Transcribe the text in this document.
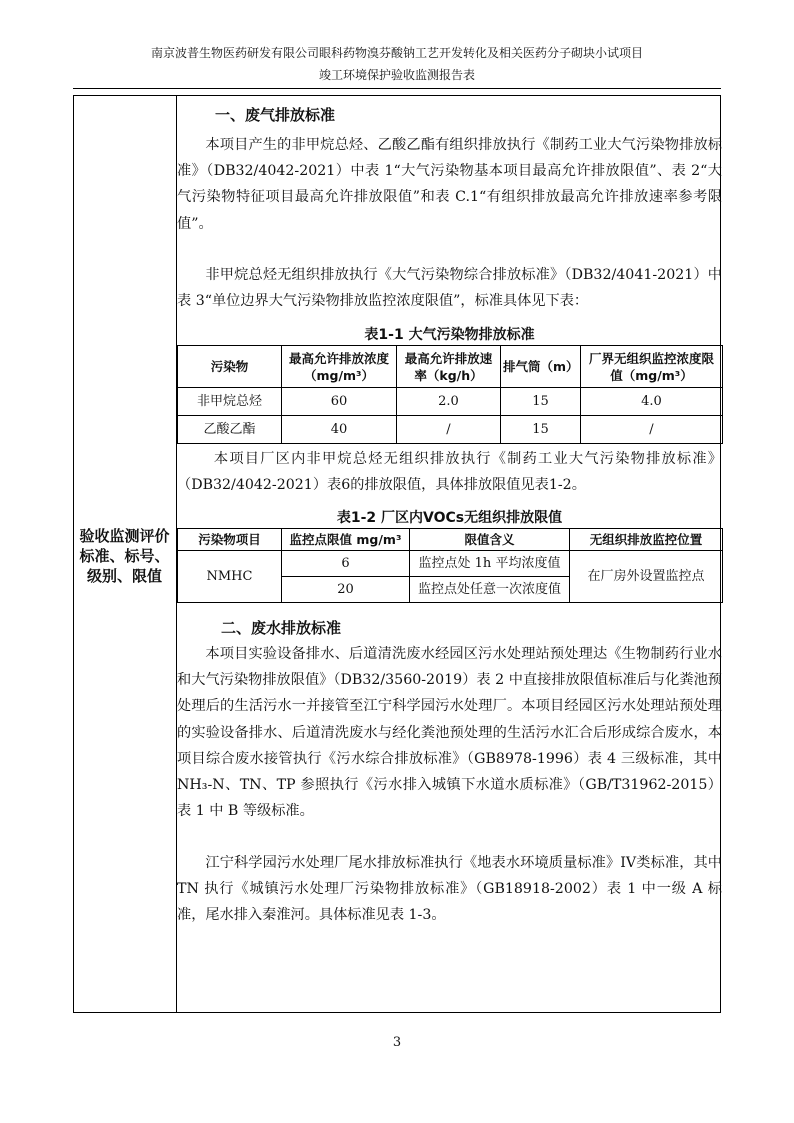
南京波普生物医药研发有限公司眼科药物溴芬酸钠工艺开发转化及相关医药分子砌块小试项目
竣工环境保护验收监测报告表
验收监测评价
标准、标号、
级别、限值
一、废气排放标准

本项目产生的非甲烷总烃、乙酸乙酯有组织排放执行《制药工业大气污染物排放标准》（DB32/4042-2021）中表 1“大气污染物基本项目最高允许排放限值”、表 2“大气污染物特征项目最高允许排放限值”和表 C.1“有组织排放最高允许排放速率参考限值”。

非甲烷总烃无组织排放执行《大气污染物综合排放标准》（DB32/4041-2021）中表 3“单位边界大气污染物排放监控浓度限值”，标准具体见下表：

表1-1 大气污染物排放标准
污染物	最高允许排放浓度（mg/m³）	最高允许排放速率（kg/h）	排气筒（m）	厂界无组织监控浓度限值（mg/m³）
非甲烷总烃	60	2.0	15	4.0
乙酸乙酯	40	/	15	/

本项目厂区内非甲烷总烃无组织排放执行《制药工业大气污染物排放标准》（DB32/4042-2021）表6的排放限值，具体排放限值见表1-2。

表1-2 厂区内VOCs无组织排放限值
污染物项目	监控点限值 mg/m³	限值含义	无组织排放监控位置
NMHC	6	监控点处 1h 平均浓度值	在厂房外设置监控点
	20	监控点处任意一次浓度值	
二、废水排放标准

本项目实验设备排水、后道清洗废水经园区污水处理站预处理达《生物制药行业水和大气污染物排放限值》（DB32/3560-2019）表 2 中直接排放限值标准后与化粪池预处理后的生活污水一并接管至江宁科学园污水处理厂。本项目经园区污水处理站预处理的实验设备排水、后道清洗废水与经化粪池预处理的生活污水汇合后形成综合废水，本项目综合废水接管执行《污水综合排放标准》（GB8978-1996）表 4 三级标准，其中 NH₃-N、TN、TP 参照执行《污水排入城镇下水道水质标准》（GB/T31962-2015）表 1 中 B 等级标准。

江宁科学园污水处理厂尾水排放标准执行《地表水环境质量标准》IV类标准，其中 TN 执行《城镇污水处理厂污染物排放标准》（GB18918-2002）表 1 中一级 A 标准，尾水排入秦淮河。具体标准见表 1-3。

3
